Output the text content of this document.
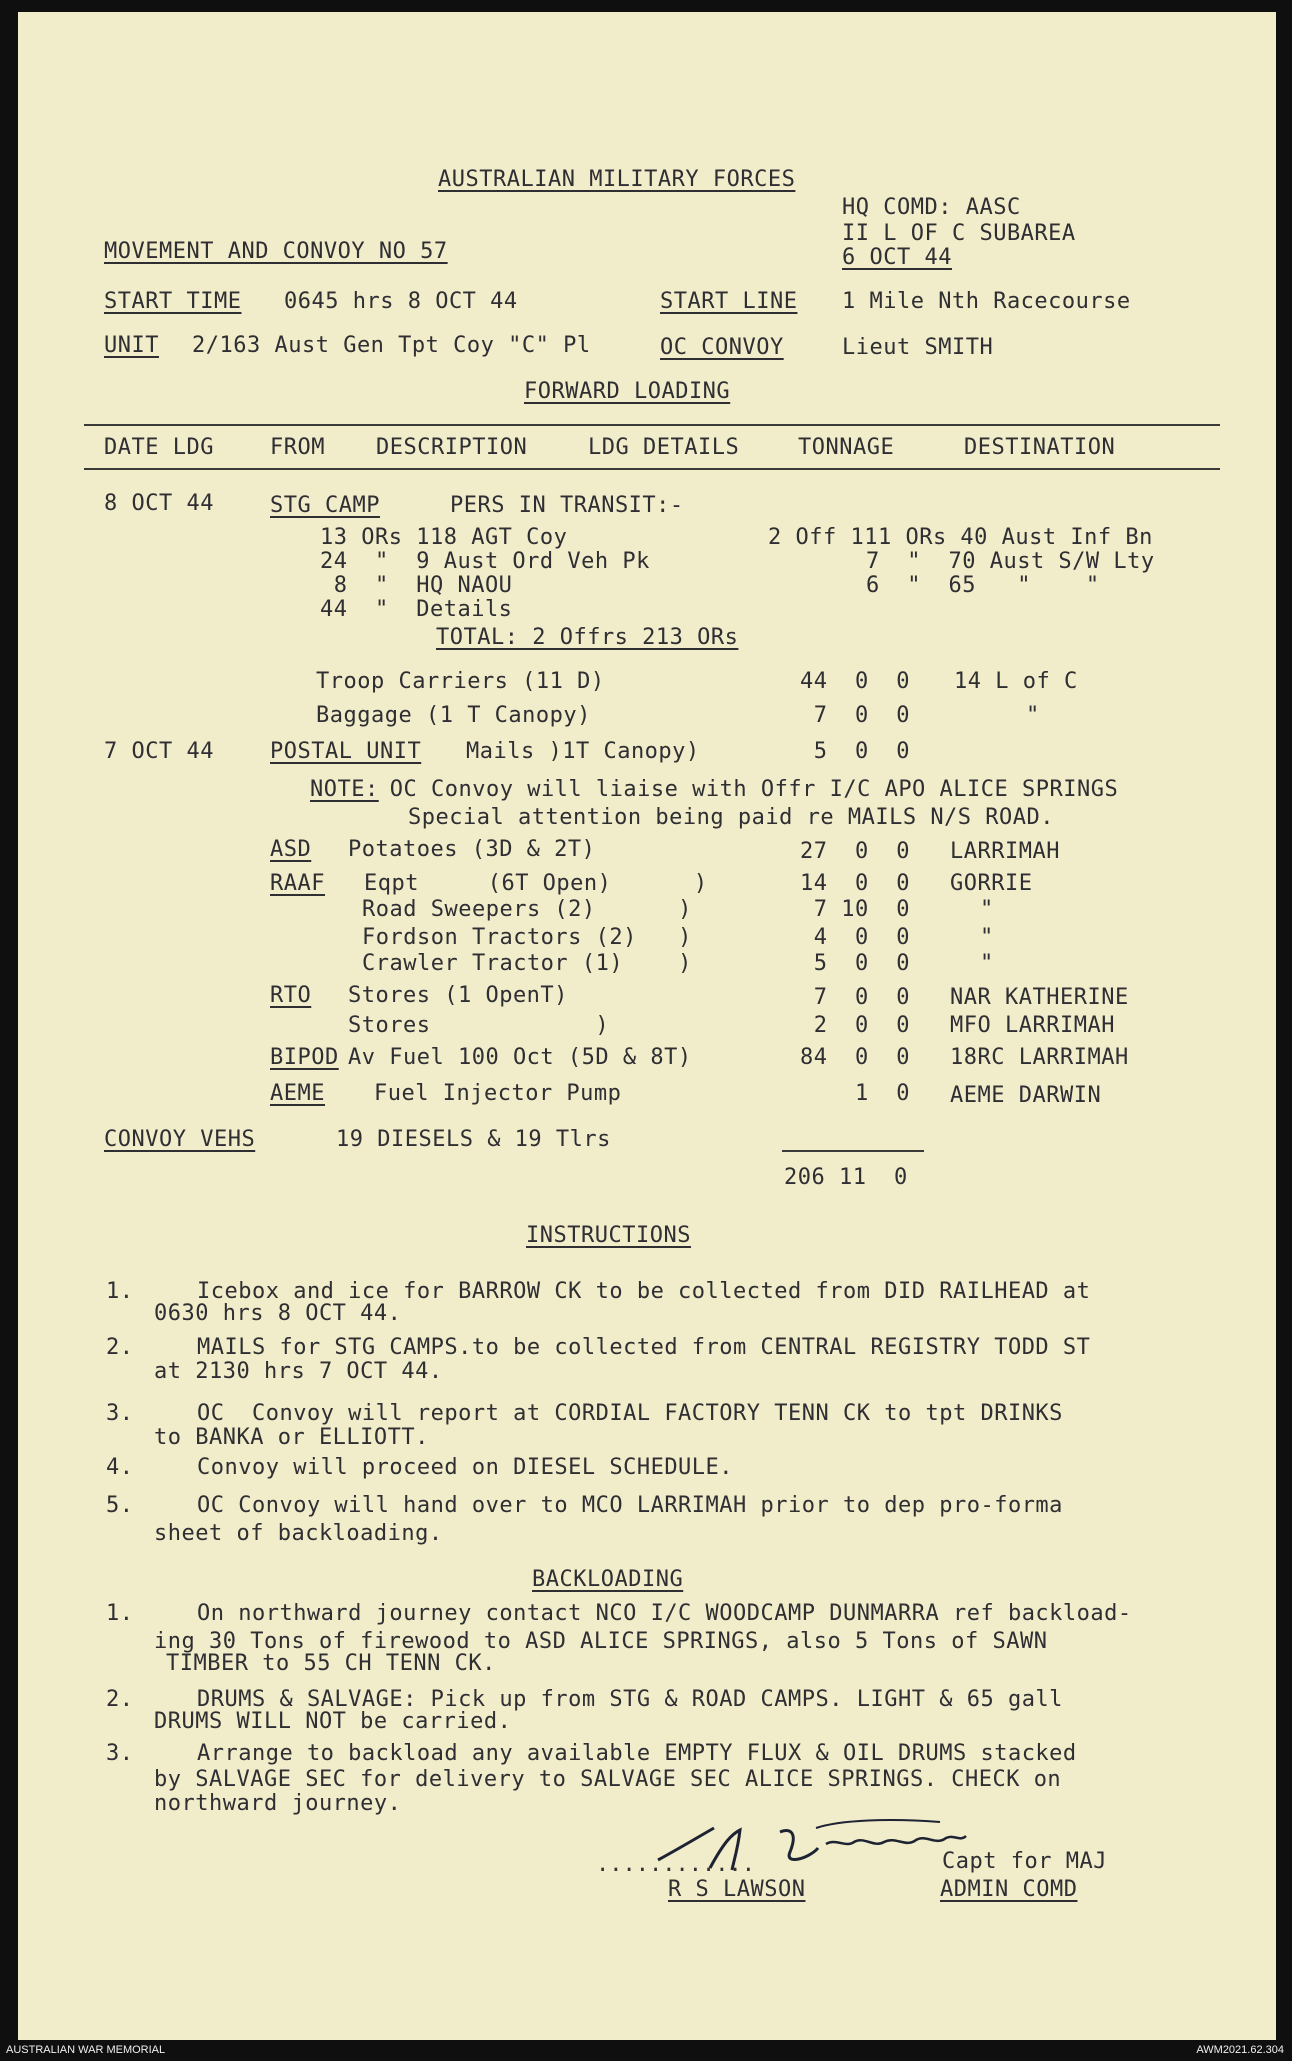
AUSTRALIAN MILITARY FORCES
HQ COMD: AASC
II L OF C SUBAREA
6 OCT 44
MOVEMENT AND CONVOY NO 57
START TIME 0645 hrs 8 OCT 44	START LINE 1 Mile Nth Racecourse
UNIT 2/163 Aust Gen Tpt Coy "C" Pl	OC CONVOY	Lieut SMITH
FORWARD LOADING
DATE LDG	FROM DESCRIPTION	LDG DETAILS	TONNAGE	DESTINATION
8 OCT 44	STG CAMP	PERS IN TRANSIT:-
13 ORs 118 AGT Coy	2 Off 111 ORs 40 Aust Inf Bn
24  "  9 Aust Ord Veh Pk	7  "  70 Aust S/W Lty
8  "  HQ NAOU	6  "  65   "    "
44  "  Details
TOTAL: 2 Offrs 213 ORs
Troop Carriers (11 D)	44  0  0 14 L of C
Baggage (1 T Canopy)	7  0  0	"
7 OCT 44	POSTAL UNIT Mails )1T Canopy)	5  0  0
NOTE:
OC Convoy will liaise with Offr I/C APO ALICE SPRINGS
Special attention being paid re MAILS N/S ROAD.
ASD Potatoes (3D & 2T)	27  0  0 LARRIMAH
RAAF Eqpt     (6T Open)      )	14  0  0 GORRIE
Road Sweepers (2)      )	7 10  0	"
Fordson Tractors (2)   )	4  0  0	"
Crawler Tractor (1)    )	5  0  0	"
RTO Stores (1 OpenT)	7  0  0 NAR KATHERINE
Stores            )	2  0  0 MFO LARRIMAH
BIPOD Av Fuel 100 Oct (5D & 8T)	84  0  0 18RC LARRIMAH
AEME Fuel Injector Pump	1  0 AEME DARWIN
CONVOY VEHS	19 DIESELS & 19 Tlrs
206 11  0
INSTRUCTIONS
1. Icebox and ice for BARROW CK to be collected from DID RAILHEAD at
0630 hrs 8 OCT 44.
2. MAILS for STG CAMPS.to be collected from CENTRAL REGISTRY TODD ST
at 2130 hrs 7 OCT 44.
3. OC  Convoy will report at CORDIAL FACTORY TENN CK to tpt DRINKS
to BANKA or ELLIOTT.
4. Convoy will proceed on DIESEL SCHEDULE.
5. OC Convoy will hand over to MCO LARRIMAH prior to dep pro-forma
sheet of backloading.
BACKLOADING
1. On northward journey contact NCO I/C WOODCAMP DUNMARRA ref backload-
ing 30 Tons of firewood to ASD ALICE SPRINGS, also 5 Tons of SAWN
TIMBER to 55 CH TENN CK.
2. DRUMS & SALVAGE: Pick up from STG & ROAD CAMPS. LIGHT & 65 gall
DRUMS WILL NOT be carried.
3. Arrange to backload any available EMPTY FLUX & OIL DRUMS stacked
by SALVAGE SEC for delivery to SALVAGE SEC ALICE SPRINGS. CHECK on
northward journey.
............	Capt for MAJ
R S LAWSON	ADMIN COMD
AUSTRALIAN WAR MEMORIAL	AWM2021.62.304
